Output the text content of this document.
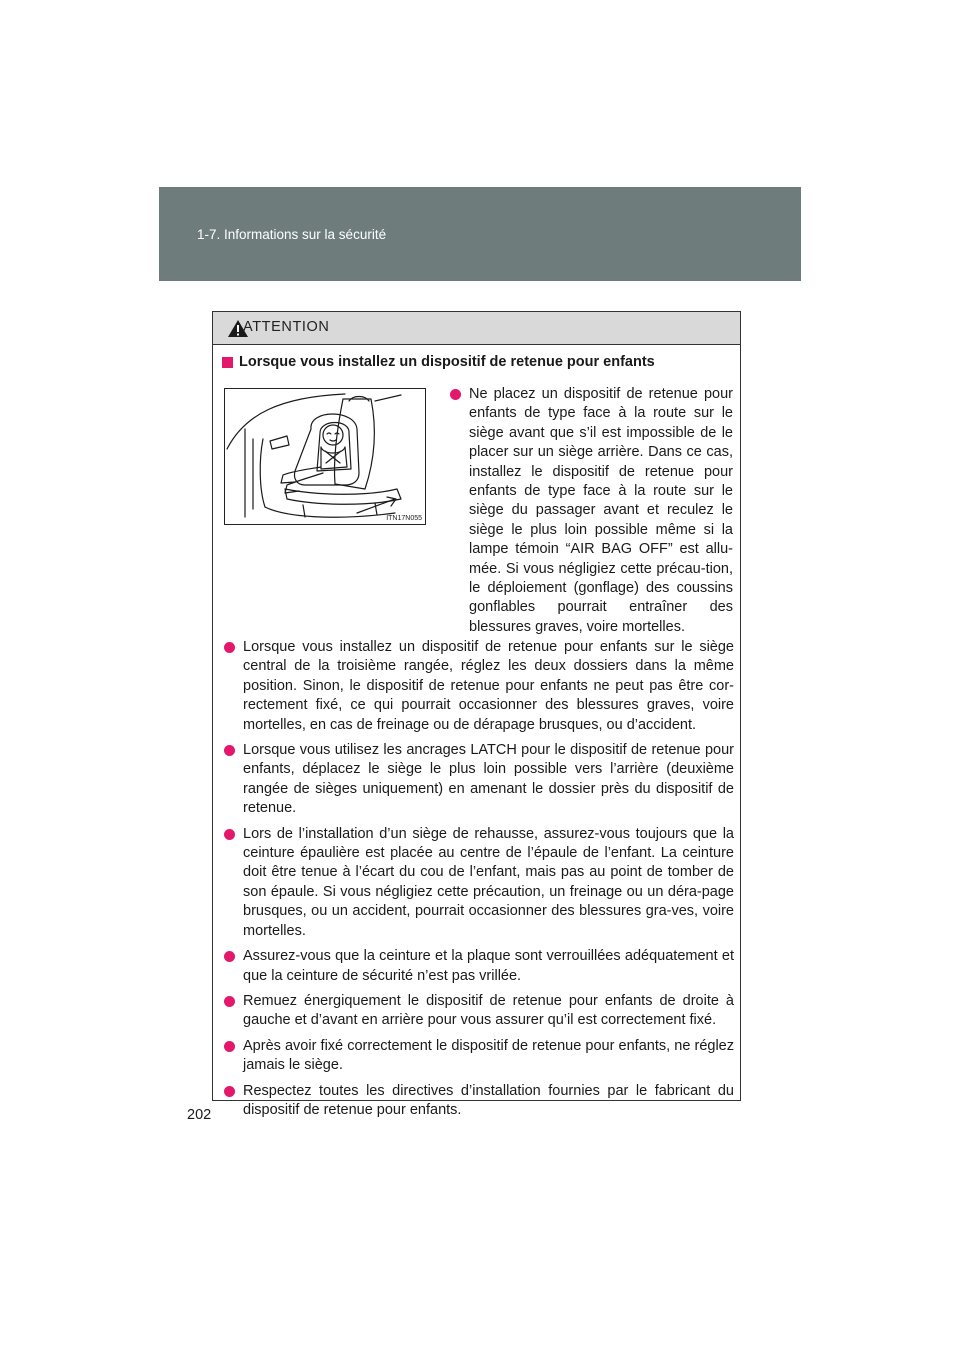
1-7. Informations sur la sécurité
ATTENTION
Lorsque vous installez un dispositif de retenue pour enfants
ITN17N055
Ne placez un dispositif de retenue pour enfants de type face à la route sur le siège avant que s’il est impossible de le placer sur un siège arrière. Dans ce cas, installez le dispositif de retenue pour enfants de type face à la route sur le siège du passager avant et reculez le siège le plus loin possible même si la lampe témoin “AIR BAG OFF” est allu-mée. Si vous négligiez cette précau-tion, le déploiement (gonflage) des coussins gonflables pourrait entraîner des blessures graves, voire mortelles.
Lorsque vous installez un dispositif de retenue pour enfants sur le siège central de la troisième rangée, réglez les deux dossiers dans la même position. Sinon, le dispositif de retenue pour enfants ne peut pas être cor-rectement fixé, ce qui pourrait occasionner des blessures graves, voire mortelles, en cas de freinage ou de dérapage brusques, ou d’accident.
Lorsque vous utilisez les ancrages LATCH pour le dispositif de retenue pour enfants, déplacez le siège le plus loin possible vers l’arrière (deuxième rangée de sièges uniquement) en amenant le dossier près du dispositif de retenue.
Lors de l’installation d’un siège de rehausse, assurez-vous toujours que la ceinture épaulière est placée au centre de l’épaule de l’enfant. La ceinture doit être tenue à l’écart du cou de l’enfant, mais pas au point de tomber de son épaule. Si vous négligiez cette précaution, un freinage ou un déra-page brusques, ou un accident, pourrait occasionner des blessures gra-ves, voire mortelles.
Assurez-vous que la ceinture et la plaque sont verrouillées adéquatement et que la ceinture de sécurité n’est pas vrillée.
Remuez énergiquement le dispositif de retenue pour enfants de droite à gauche et d’avant en arrière pour vous assurer qu’il est correctement fixé.
Après avoir fixé correctement le dispositif de retenue pour enfants, ne réglez jamais le siège.
Respectez toutes les directives d’installation fournies par le fabricant du dispositif de retenue pour enfants.
202
